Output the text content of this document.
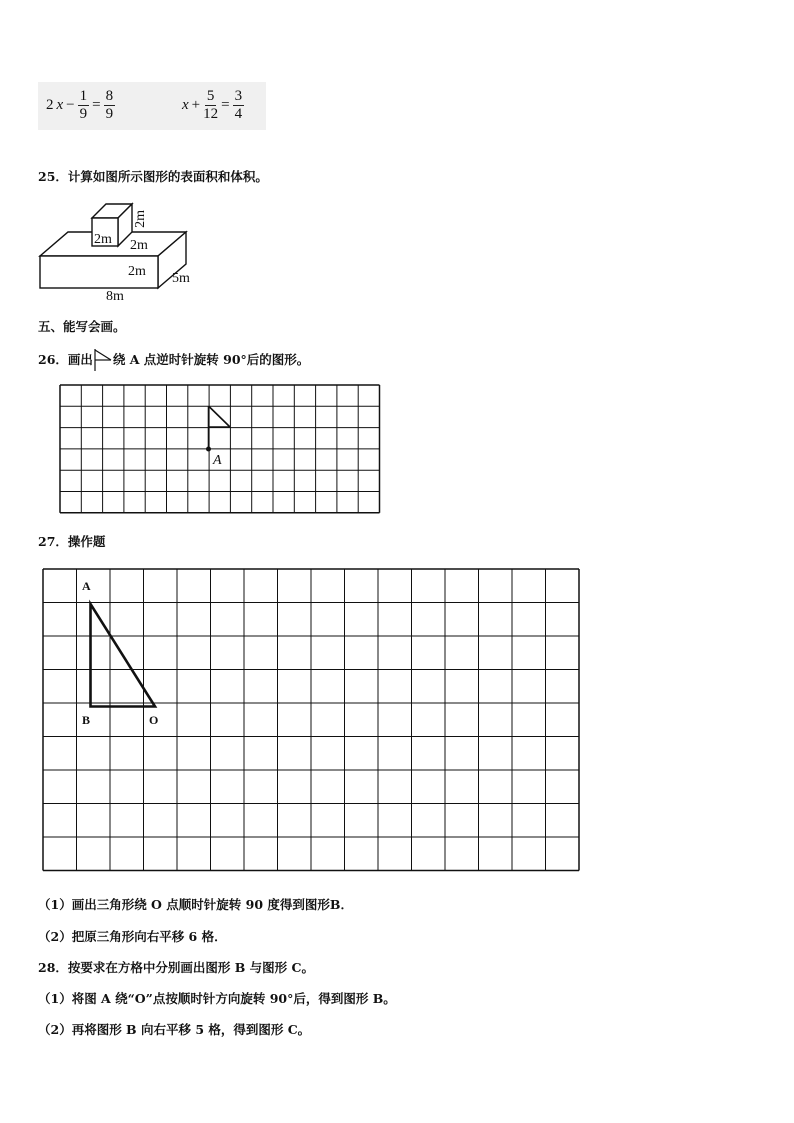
2 $x - \frac{1}{9} = \frac{8}{9}$	$x + \frac{5}{12} = \frac{3}{4}$
25．计算如图所示图形的表面积和体积。
2m
2m
2m
2m 5m
8m
五、能写会画。
26．画出 绕 A 点逆时针旋转 90°后的图形。
A
27．操作题
A
B	O
（1）画出三角形绕 O 点顺时针旋转 90 度得到图形B．
（2）把原三角形向右平移 6 格．
28．按要求在方格中分别画出图形 B 与图形 C。
（1）将图 A 绕“O”点按顺时针方向旋转 90°后，得到图形 B。
（2）再将图形 B 向右平移 5 格，得到图形 C。
